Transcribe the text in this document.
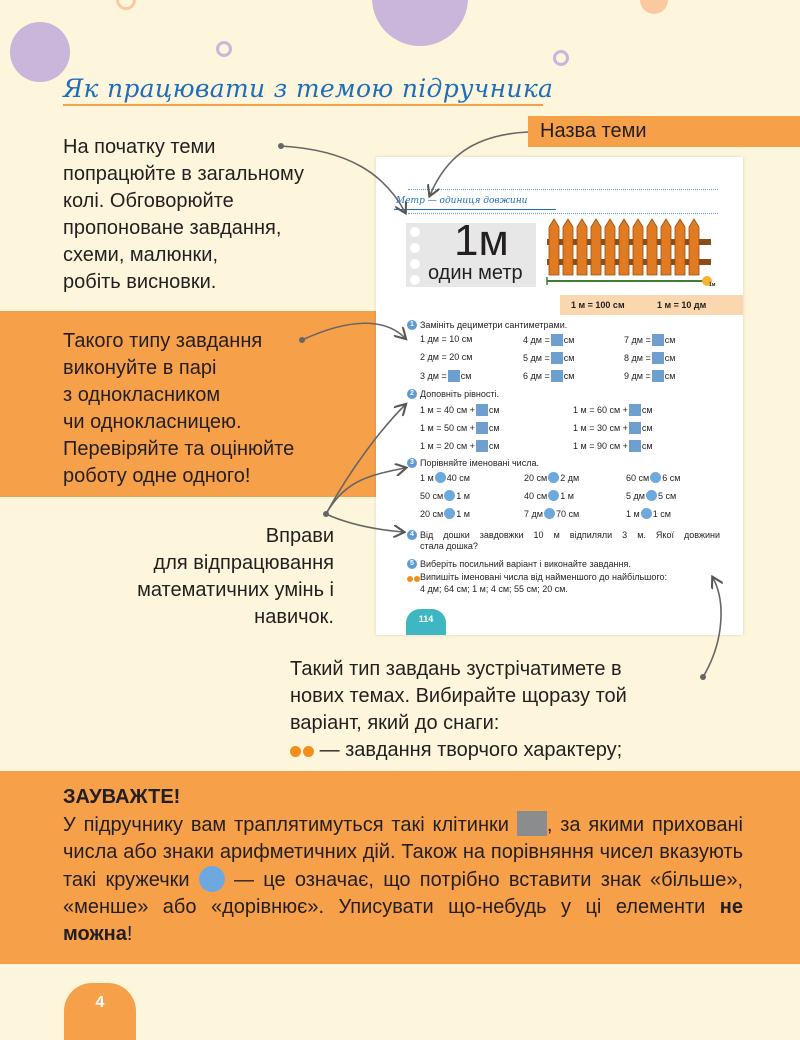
Як працювати з темою підручника
На початку теми
попрацюйте в загальному
колі. Обговорюйте
пропоноване завдання,
схеми, малюнки,
робіть висновки.
Такого типу завдання
виконуйте в парі
з однокласником
чи однокласницею.
Перевіряйте та оцінюйте
роботу одне одного!
Вправи
для відпрацювання
математичних умінь і
навичок.
Назва теми
Метр — одиниця довжини
1м
один метр
1м
1 м = 100 см	1 м = 10 дм
1 Замініть дециметри сантиметрами.
1 дм = 10 см	4 дм = см	7 дм = см
2 дм = 20 см	5 дм = см	8 дм = см
3 дм = см	6 дм = см	9 дм = см
2 Доповніть рівності.
1 м = 40 см + см	1 м = 60 см + см
1 м = 50 см + см	1 м = 30 см + см
1 м = 20 см + см	1 м = 90 см + см
3 Порівняйте іменовані числа.
1 м 40 см	20 см 2 дм	60 см 6 см
50 см 1 м	40 см 1 м	5 дм 5 см
20 см 1 м	7 дм 70 см	1 м 1 см
4 Від дошки завдовжки 10 м відпиляли 3 м. Якої довжини
стала дошка?
5 Виберіть посильний варіант і виконайте завдання.
Випишіть іменовані числа від найменшого до найбільшого:
4 дм; 64 см; 1 м; 4 см; 55 см; 20 см.
114
Такий тип завдань зустрічатимете в
нових темах. Вибирайте щоразу той
варіант, який до снаги:
— завдання творчого характеру;
ЗАУВАЖТЕ!
У підручнику вам траплятимуться такі клітинки , за якими приховані числа або знаки арифметичних дій. Також на порівняння чисел вказують такі кружечки  — це означає, що потрібно вставити знак «більше», «менше» або «дорівнює». Уписувати що-небудь у ці елементи не можна!
4
